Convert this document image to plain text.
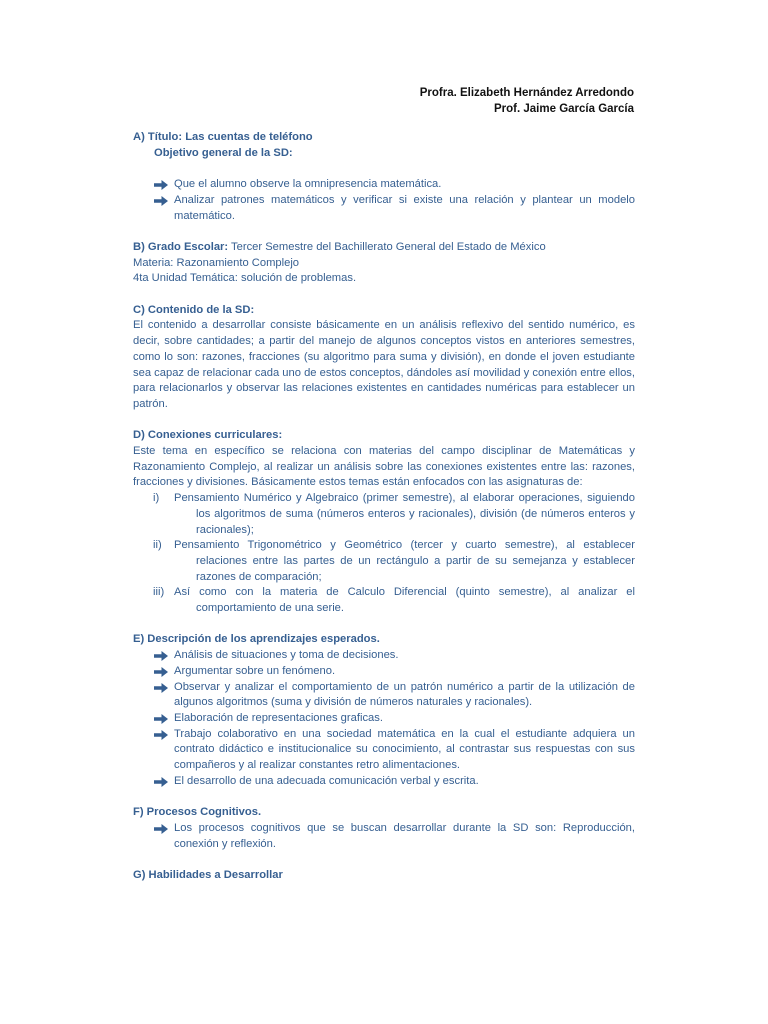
Profra. Elizabeth Hernández Arredondo
Prof. Jaime García García

A) Título: Las cuentas de teléfono

Objetivo general de la SD:

Que el alumno observe la omnipresencia matemática.
Analizar patrones matemáticos y verificar si existe una relación y plantear un modelo matemático.

B) Grado Escolar: Tercer Semestre del Bachillerato General del Estado de México

Materia: Razonamiento Complejo

4ta Unidad Temática: solución de problemas.

C) Contenido de la SD:

El contenido a desarrollar consiste básicamente en un análisis reflexivo del sentido numérico, es decir, sobre cantidades; a partir del manejo de algunos conceptos vistos en anteriores semestres, como lo son: razones, fracciones (su algoritmo para suma y división), en donde el joven estudiante sea capaz de relacionar cada uno de estos conceptos, dándoles así movilidad y conexión entre ellos, para relacionarlos y observar las relaciones existentes en cantidades numéricas para establecer un patrón.

D) Conexiones curriculares:

Este tema en específico se relaciona con materias del campo disciplinar de Matemáticas y Razonamiento Complejo, al realizar un análisis sobre las conexiones existentes entre las: razones, fracciones y divisiones. Básicamente estos temas están enfocados con las asignaturas de:

i) Pensamiento Numérico y Algebraico (primer semestre), al elaborar operaciones, siguiendo los algoritmos de suma (números enteros y racionales), división (de números enteros y racionales);
ii) Pensamiento Trigonométrico y Geométrico (tercer y cuarto semestre), al establecer relaciones entre las partes de un rectángulo a partir de su semejanza y establecer razones de comparación;
iii) Así como con la materia de Calculo Diferencial (quinto semestre), al analizar el comportamiento de una serie.

E) Descripción de los aprendizajes esperados.

Análisis de situaciones y toma de decisiones.
Argumentar sobre un fenómeno.
Observar y analizar el comportamiento de un patrón numérico a partir de la utilización de algunos algoritmos (suma y división de números naturales y racionales).
Elaboración de representaciones graficas.
Trabajo colaborativo en una sociedad matemática en la cual el estudiante adquiera un contrato didáctico e institucionalice su conocimiento, al contrastar sus respuestas con sus compañeros y al realizar constantes retro alimentaciones.
El desarrollo de una adecuada comunicación verbal y escrita.

F) Procesos Cognitivos.

Los procesos cognitivos que se buscan desarrollar durante la SD son: Reproducción, conexión y reflexión.

G) Habilidades a Desarrollar
